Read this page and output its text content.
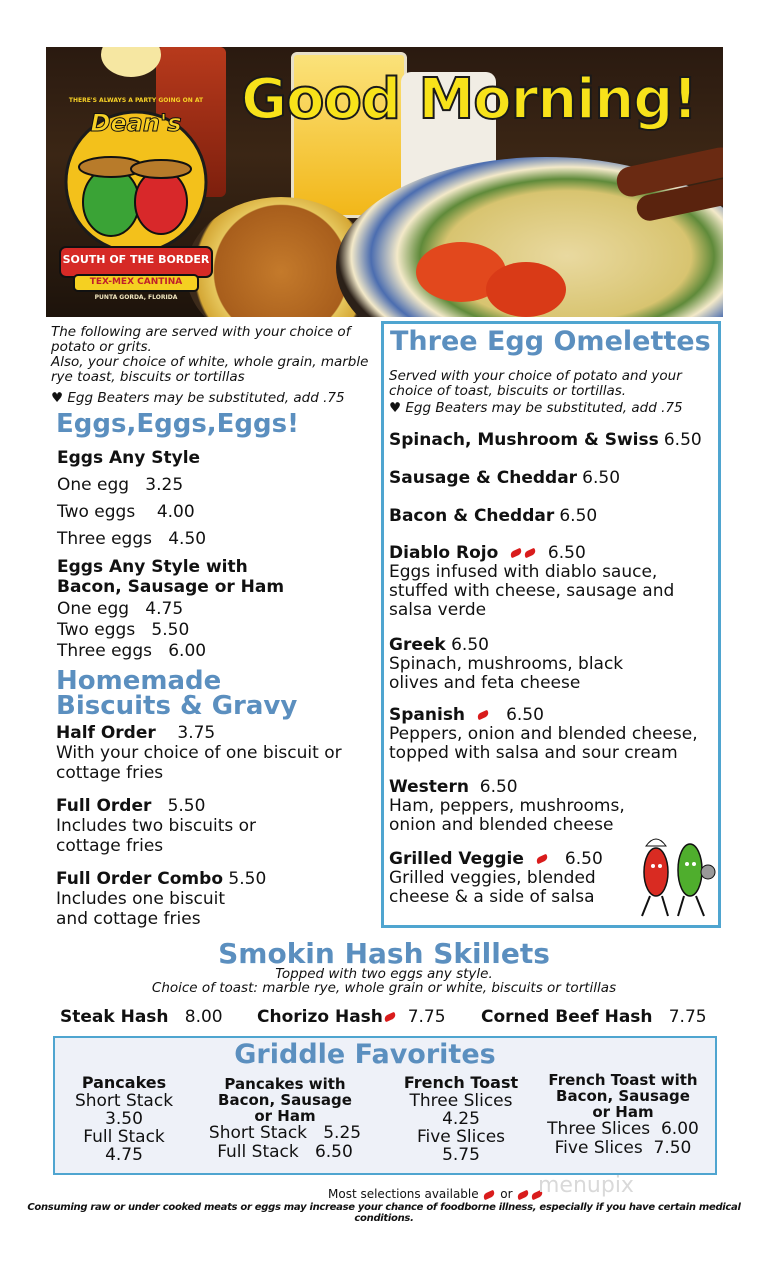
Good Morning!
THERE'S ALWAYS A PARTY GOING ON AT
Dean's
SOUTH OF THE BORDER
TEX-MEX CANTINA
PUNTA GORDA, FLORIDA
The following are served with your choice of potato or grits.
Also, your choice of white, whole grain, marble rye toast, biscuits or tortillas
♥ Egg Beaters may be substituted, add .75
Eggs,Eggs,Eggs!
Eggs Any Style
One egg 3.25
Two eggs 4.00
Three eggs 4.50
Eggs Any Style with Bacon, Sausage or Ham
One egg 4.75
Two eggs 5.50
Three eggs 6.00
Homemade
Biscuits & Gravy
Half Order 3.75
With your choice of one biscuit or cottage fries
Full Order 5.50
Includes two biscuits or cottage fries
Full Order Combo 5.50
Includes one biscuit and cottage fries
Three Egg Omelettes
Served with your choice of potato and your choice of toast, biscuits or tortillas.
♥ Egg Beaters may be substituted, add .75
Spinach, Mushroom & Swiss 6.50
Sausage & Cheddar 6.50
Bacon & Cheddar 6.50
Diablo Rojo	6.50
Eggs infused with diablo sauce, stuffed with cheese, sausage and salsa verde
Greek 6.50
Spinach, mushrooms, black olives and feta cheese
Spanish 6.50
Peppers, onion and blended cheese, topped with salsa and sour cream
Western 6.50
Ham, peppers, mushrooms, onion and blended cheese
Grilled Veggie 6.50
Grilled veggies, blended cheese & a side of salsa
Smokin Hash Skillets
Topped with two eggs any style.
Choice of toast: marble rye, whole grain or white, biscuits or tortillas
Steak Hash 8.00 Chorizo Hash 7.75 Corned Beef Hash 7.75
Griddle Favorites
Pancakes
Short Stack
3.50
Full Stack
4.75
Pancakes with Bacon, Sausage or Ham
Short Stack   5.25
Full Stack   6.50
French Toast
Three Slices
4.25
Five Slices
5.75
French Toast with Bacon, Sausage or Ham
Three Slices  6.00
Five Slices  7.50
Most selections available or	menupix
Consuming raw or under cooked meats or eggs may increase your chance of foodborne illness, especially if you have certain medical conditions.
